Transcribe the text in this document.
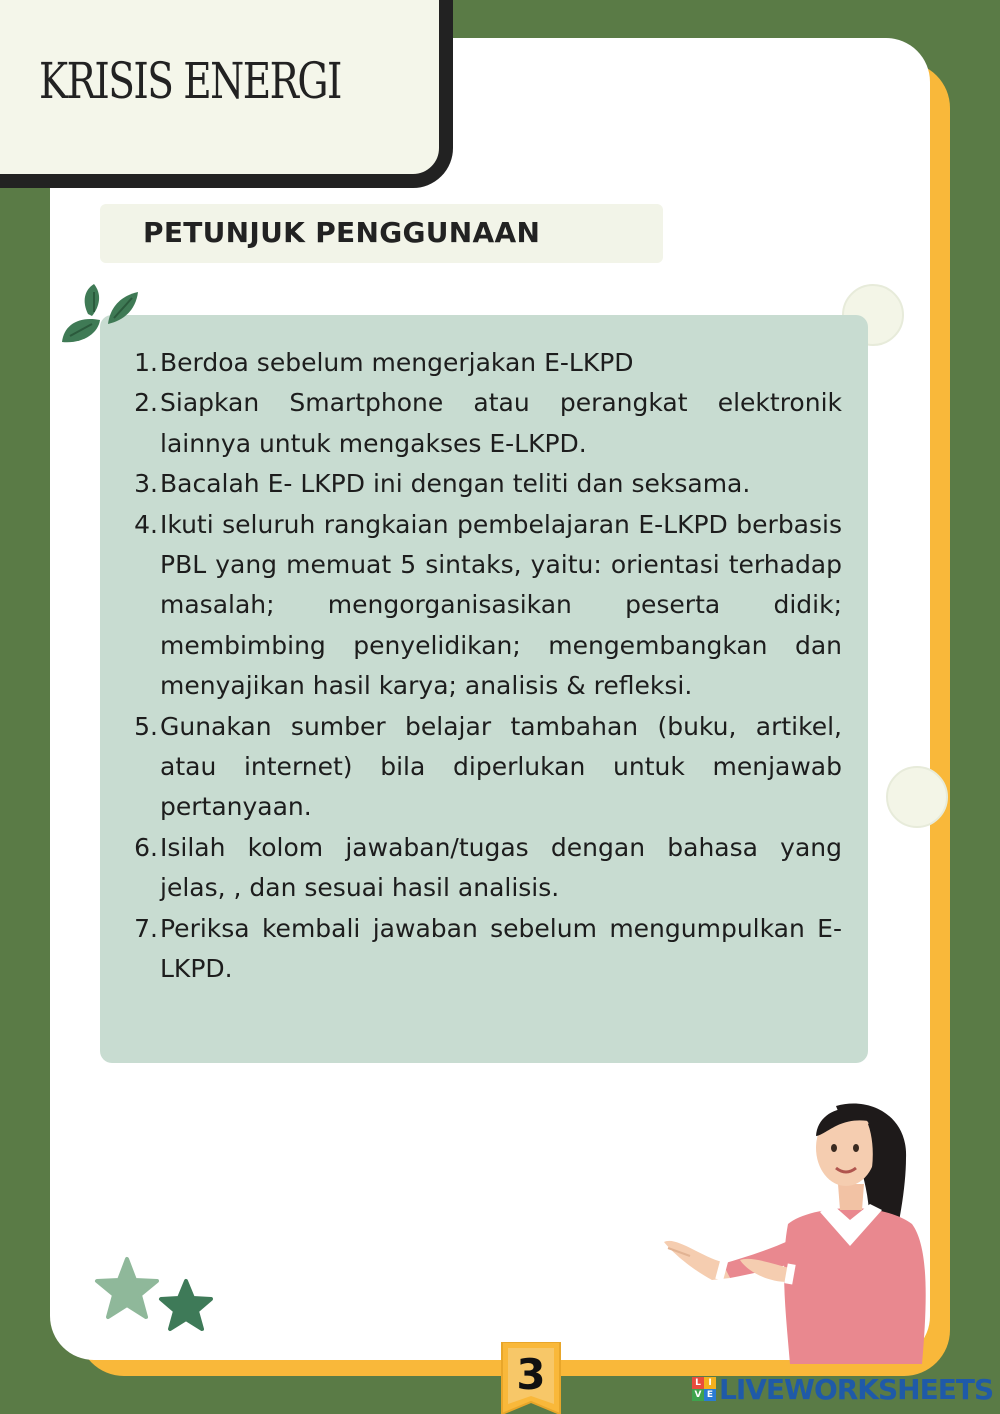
KRISIS ENERGI
PETUNJUK PENGGUNAAN
1. Berdoa sebelum mengerjakan E-LKPD
2. Siapkan Smartphone atau perangkat elektronik lainnya untuk mengakses E-LKPD.
3. Bacalah E- LKPD ini dengan teliti dan seksama.
4. Ikuti seluruh rangkaian pembelajaran E-LKPD berbasis PBL yang memuat 5 sintaks, yaitu: orientasi terhadap masalah; mengorganisasikan peserta didik; membimbing penyelidikan; mengembangkan dan menyajikan hasil karya; analisis & refleksi.
5. Gunakan sumber belajar tambahan (buku, artikel, atau internet) bila diperlukan untuk menjawab pertanyaan.
6. Isilah kolom jawaban/tugas dengan bahasa yang jelas, , dan sesuai hasil analisis.
7. Periksa kembali jawaban sebelum mengumpulkan E-LKPD.
3	L I
V E LIVEWORKSHEETS
